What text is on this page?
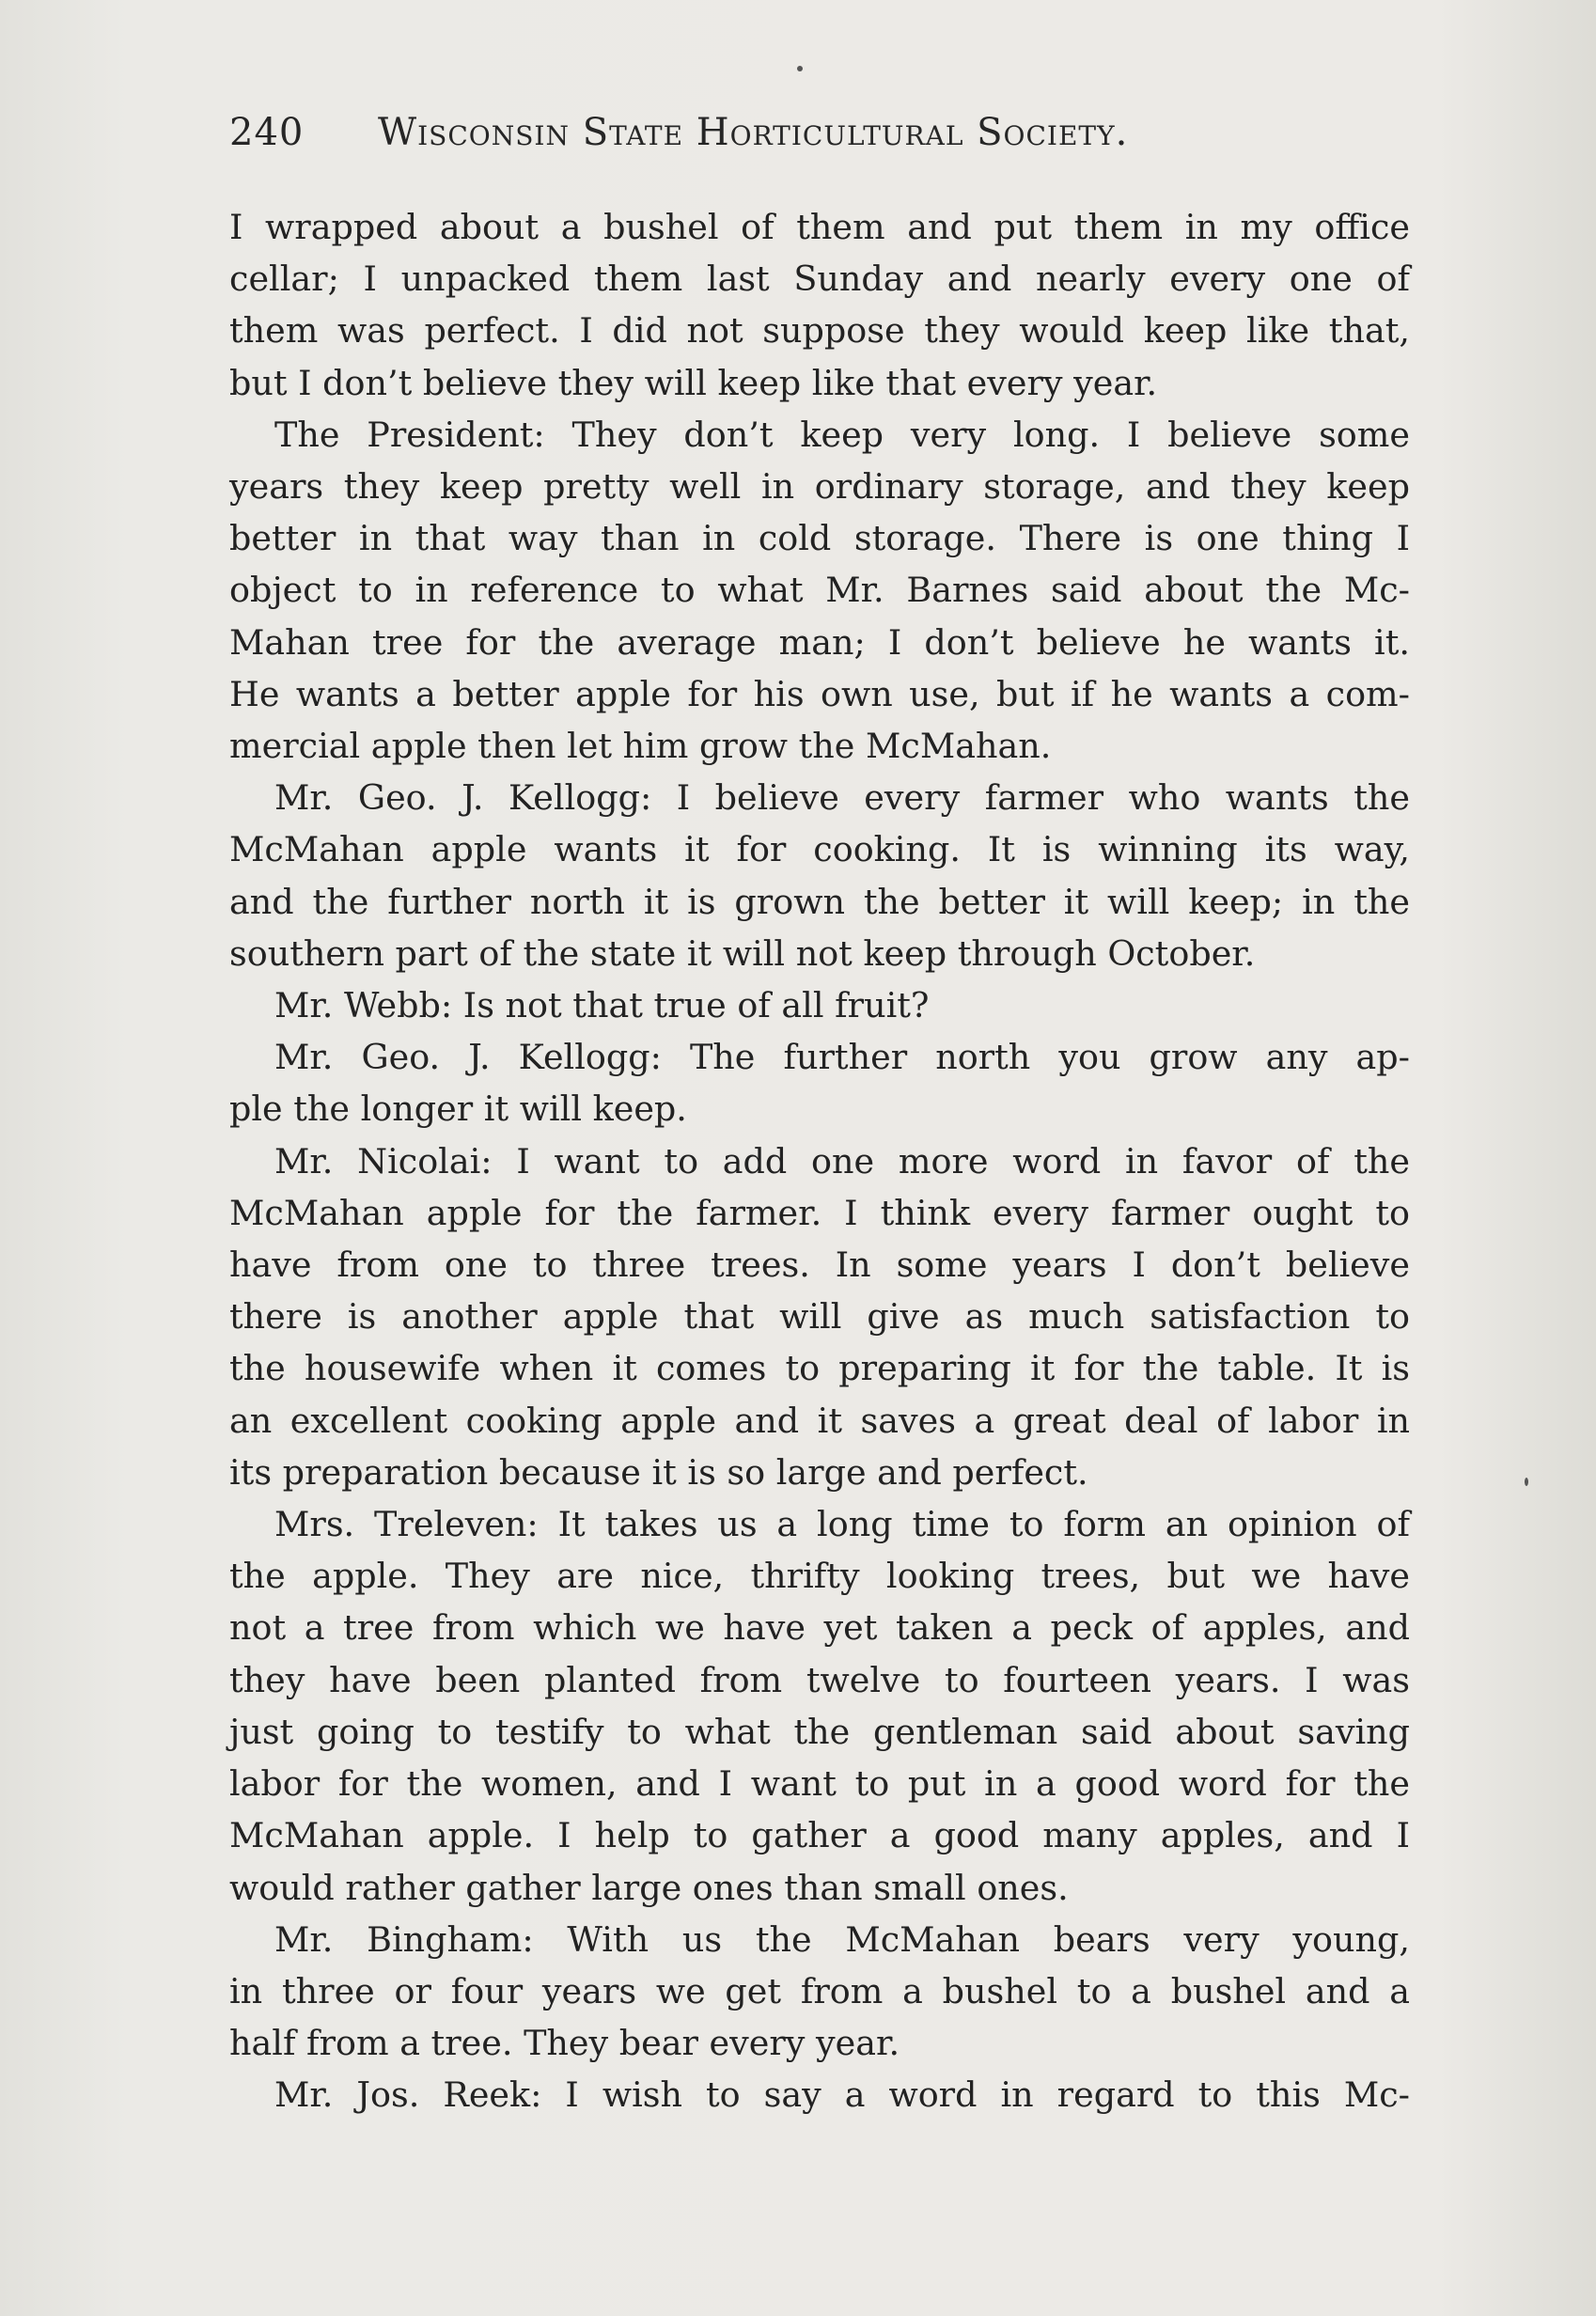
240 Wisconsin State Horticultural Society.

I wrapped about a bushel of them and put them in my office

cellar; I unpacked them last Sunday and nearly every one of

them was perfect. I did not suppose they would keep like that,

but I don’t believe they will keep like that every year.

The President: They don’t keep very long. I believe some

years they keep pretty well in ordinary storage, and they keep

better in that way than in cold storage. There is one thing I

object to in reference to what Mr. Barnes said about the Mc-

Mahan tree for the average man; I don’t believe he wants it.

He wants a better apple for his own use, but if he wants a com-

mercial apple then let him grow the McMahan.

Mr. Geo. J. Kellogg: I believe every farmer who wants the

McMahan apple wants it for cooking. It is winning its way,

and the further north it is grown the better it will keep; in the

southern part of the state it will not keep through October.

Mr. Webb: Is not that true of all fruit?

Mr. Geo. J. Kellogg: The further north you grow any ap-

ple the longer it will keep.

Mr. Nicolai: I want to add one more word in favor of the

McMahan apple for the farmer. I think every farmer ought to

have from one to three trees. In some years I don’t believe

there is another apple that will give as much satisfaction to

the housewife when it comes to preparing it for the table. It is

an excellent cooking apple and it saves a great deal of labor in

its preparation because it is so large and perfect.

Mrs. Treleven: It takes us a long time to form an opinion of

the apple. They are nice, thrifty looking trees, but we have

not a tree from which we have yet taken a peck of apples, and

they have been planted from twelve to fourteen years. I was

just going to testify to what the gentleman said about saving

labor for the women, and I want to put in a good word for the

McMahan apple. I help to gather a good many apples, and I

would rather gather large ones than small ones.

Mr. Bingham: With us the McMahan bears very young,

in three or four years we get from a bushel to a bushel and a

half from a tree. They bear every year.

Mr. Jos. Reek: I wish to say a word in regard to this Mc-
